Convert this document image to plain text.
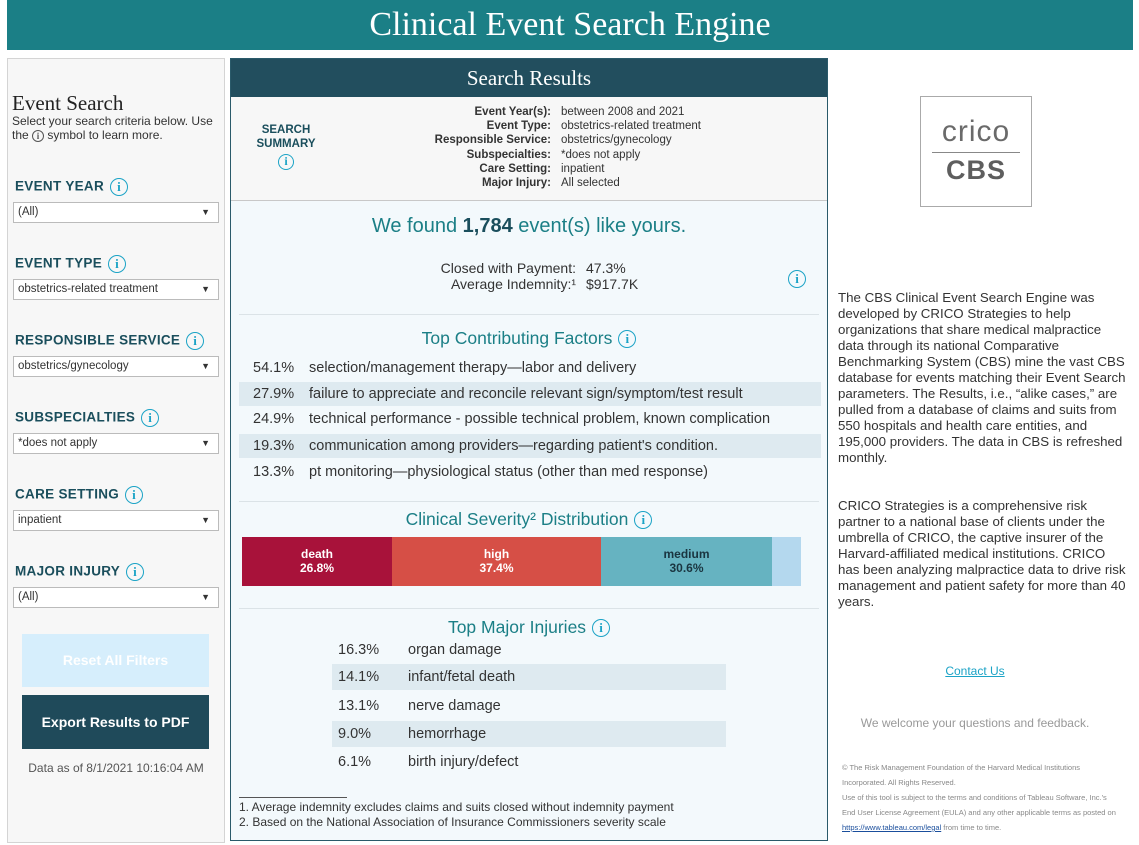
Clinical Event Search Engine
Event Search
Select your search criteria below. Use the i symbol to learn more.
EVENT YEAR i
(All)	▼
EVENT TYPE i
obstetrics-related treatment	▼
RESPONSIBLE SERVICE i
obstetrics/gynecology	▼
SUBSPECIALTIES i
*does not apply	▼
CARE SETTING i
inpatient	▼
MAJOR INJURY i
(All)	▼
Reset All Filters
Export Results to PDF
Data as of 8/1/2021 10:16:04 AM
Search Results
SEARCH SUMMARY
i
Event Year(s): between 2008 and 2021
Event Type: obstetrics-related treatment
Responsible Service: obstetrics/gynecology
Subspecialties: *does not apply
Care Setting: inpatient
Major Injury: All selected
We found 1,784 event(s) like yours.
Closed with Payment: 47.3%
Average Indemnity:¹ $917.7K	i
Top Contributing Factors i
54.1% selection/management therapy—labor and delivery
27.9% failure to appreciate and reconcile relevant sign/symptom/test result
24.9% technical performance - possible technical problem, known complication
19.3% communication among providers—regarding patient's condition.
13.3% pt monitoring—physiological status (other than med response)
Clinical Severity² Distribution i
death
26.8%
high
37.4%
medium
30.6%
Top Major Injuries i
16.3% organ damage
14.1% infant/fetal death
13.1% nerve damage
9.0%	hemorrhage
6.1%	birth injury/defect
1. Average indemnity excludes claims and suits closed without indemnity payment
2. Based on the National Association of Insurance Commissioners severity scale
crico
CBS
The CBS Clinical Event Search Engine was developed by CRICO Strategies to help organizations that share medical malpractice data through its national Comparative Benchmarking System (CBS) mine the vast CBS database for events matching their Event Search parameters. The Results, i.e., “alike cases,” are pulled from a database of claims and suits from 550 hospitals and health care entities, and 195,000 providers. The data in CBS is refreshed monthly.
CRICO Strategies is a comprehensive risk partner to a national base of clients under the umbrella of CRICO, the captive insurer of the Harvard-affiliated medical institutions. CRICO has been analyzing malpractice data to drive risk management and patient safety for more than 40 years.
Contact Us
We welcome your questions and feedback.
© The Risk Management Foundation of the Harvard Medical Institutions Incorporated. All Rights Reserved.
Use of this tool is subject to the terms and conditions of Tableau Software, Inc.'s End User License Agreement (EULA) and any other applicable terms as posted on https://www.tableau.com/legal from time to time.
